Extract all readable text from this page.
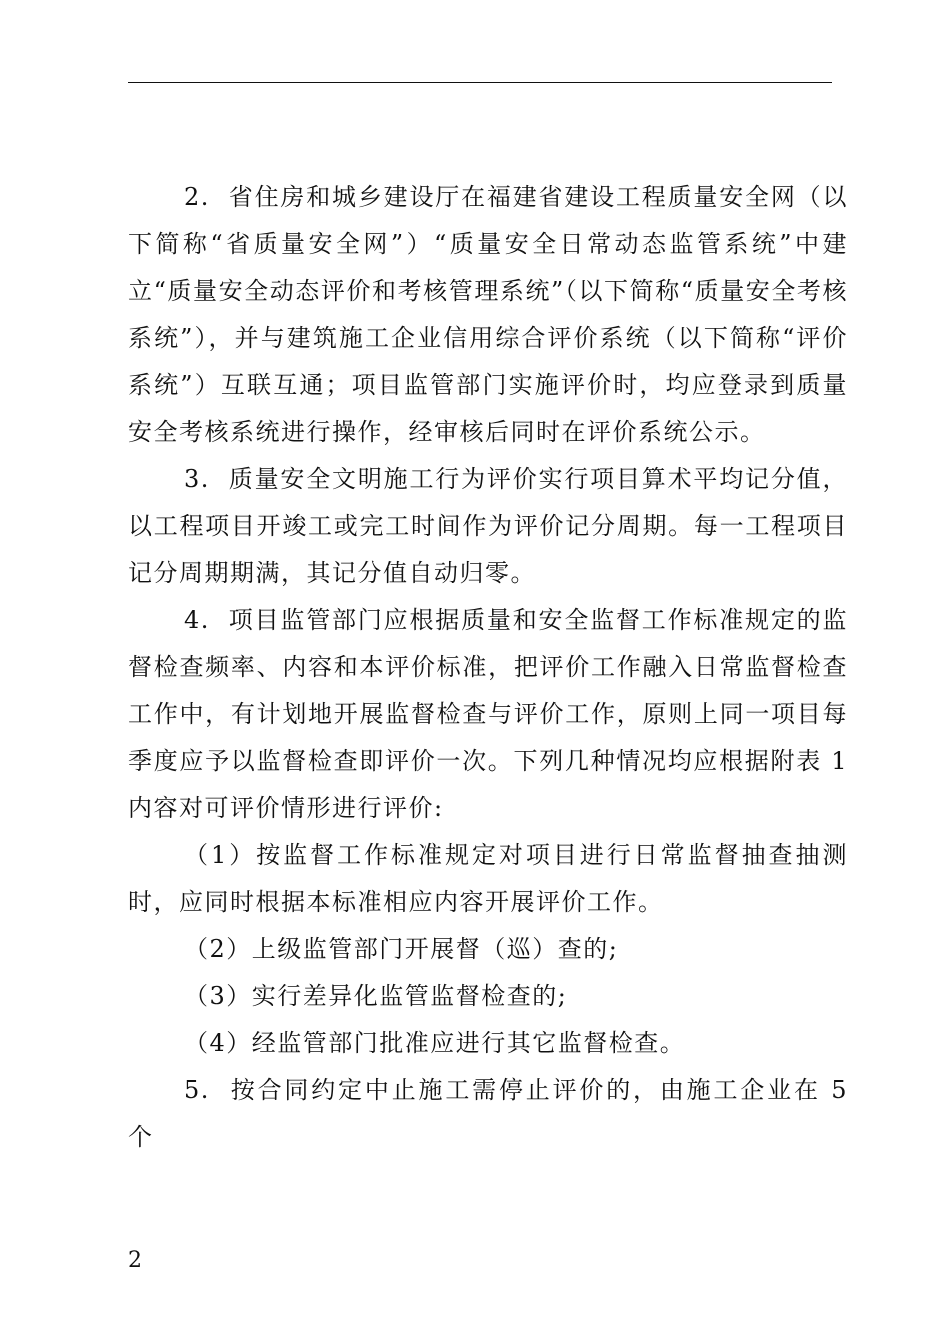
2.  省住房和城乡建设厅在福建省建设工程质量安全网（以下简称“省质量安全网”）“质量安全日常动态监管系统”中建立“质量安全动态评价和考核管理系统”（以下简称“质量安全考核系统”），并与建筑施工企业信用综合评价系统（以下简称“评价系统”）互联互通；项目监管部门实施评价时，均应登录到质量安全考核系统进行操作，经审核后同时在评价系统公示。

3.  质量安全文明施工行为评价实行项目算术平均记分值，以工程项目开竣工或完工时间作为评价记分周期。每一工程项目记分周期期满，其记分值自动归零。

4.  项目监管部门应根据质量和安全监督工作标准规定的监督检查频率、内容和本评价标准，把评价工作融入日常监督检查工作中，有计划地开展监督检查与评价工作，原则上同一项目每季度应予以监督检查即评价一次。下列几种情况均应根据附表 1 内容对可评价情形进行评价:

（1）按监督工作标准规定对项目进行日常监督抽查抽测时，应同时根据本标准相应内容开展评价工作。

（2）上级监管部门开展督（巡）查的;

（3）实行差异化监管监督检查的;

（4）经监管部门批准应进行其它监督检查。

5.  按合同约定中止施工需停止评价的，由施工企业在 5 个

2
